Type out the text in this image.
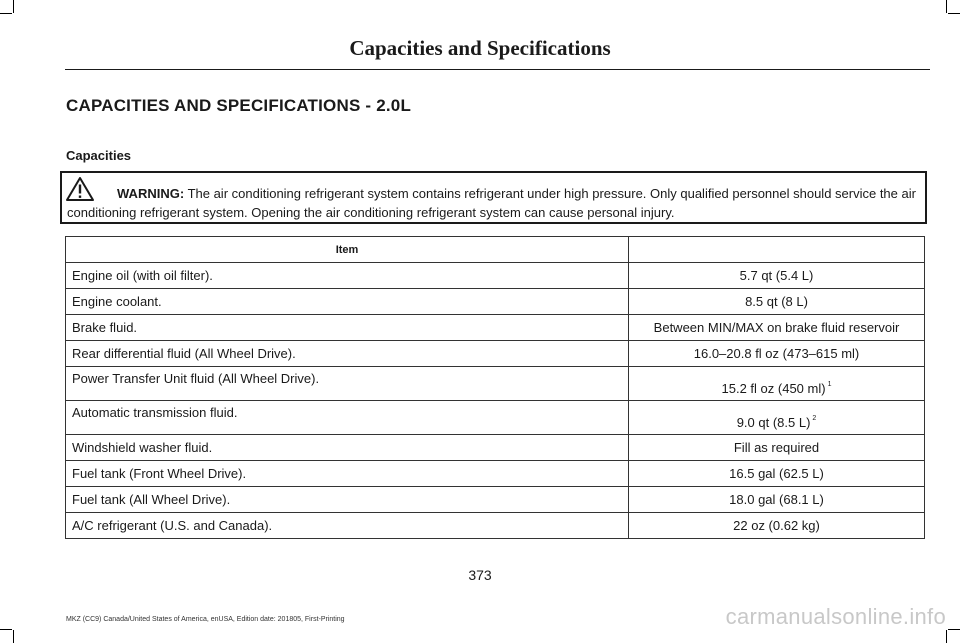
Capacities and Specifications
CAPACITIES AND SPECIFICATIONS - 2.0L
Capacities
WARNING: The air conditioning refrigerant system contains refrigerant under high pressure. Only qualified personnel should service the air conditioning refrigerant system. Opening the air conditioning refrigerant system can cause personal injury.
Item	
Engine oil (with oil filter).	5.7 qt (5.4 L)
Engine coolant.	8.5 qt (8 L)
Brake fluid.	Between MIN/MAX on brake fluid reservoir
Rear differential fluid (All Wheel Drive).	16.0–20.8 fl oz (473–615 ml)
Power Transfer Unit fluid (All Wheel Drive).	15.2 fl oz (450 ml) $^1$
Automatic transmission fluid.	9.0 qt (8.5 L) $^2$
Windshield washer fluid.	Fill as required
Fuel tank (Front Wheel Drive).	16.5 gal (62.5 L)
Fuel tank (All Wheel Drive).	18.0 gal (68.1 L)
A/C refrigerant (U.S. and Canada).	22 oz (0.62 kg)
373
MKZ (CC9) Canada/United States of America, enUSA, Edition date: 201805, First-Printing	carmanualsonline.info
